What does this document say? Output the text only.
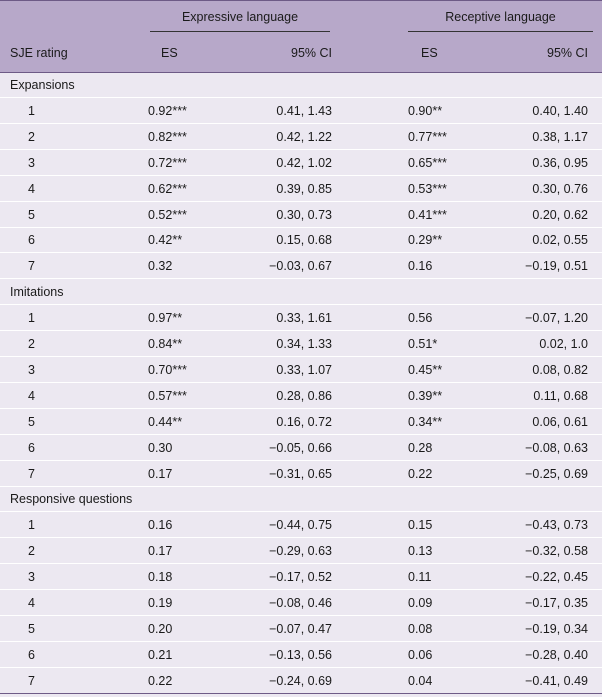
Expressive language	Receptive language
SJE rating	ES	95% CI	ES	95% CI
Expansions
1	0.92***	0.41, 1.43	0.90**	0.40, 1.40
2	0.82***	0.42, 1.22	0.77***	0.38, 1.17
3	0.72***	0.42, 1.02	0.65***	0.36, 0.95
4	0.62***	0.39, 0.85	0.53***	0.30, 0.76
5	0.52***	0.30, 0.73	0.41***	0.20, 0.62
6	0.42**	0.15, 0.68	0.29**	0.02, 0.55
7	0.32	−0.03, 0.67	0.16	−0.19, 0.51
Imitations
1	0.97**	0.33, 1.61	0.56	−0.07, 1.20
2	0.84**	0.34, 1.33	0.51*	0.02, 1.0
3	0.70***	0.33, 1.07	0.45**	0.08, 0.82
4	0.57***	0.28, 0.86	0.39**	0.11, 0.68
5	0.44**	0.16, 0.72	0.34**	0.06, 0.61
6	0.30	−0.05, 0.66	0.28	−0.08, 0.63
7	0.17	−0.31, 0.65	0.22	−0.25, 0.69
Responsive questions
1	0.16	−0.44, 0.75	0.15	−0.43, 0.73
2	0.17	−0.29, 0.63	0.13	−0.32, 0.58
3	0.18	−0.17, 0.52	0.11	−0.22, 0.45
4	0.19	−0.08, 0.46	0.09	−0.17, 0.35
5	0.20	−0.07, 0.47	0.08	−0.19, 0.34
6	0.21	−0.13, 0.56	0.06	−0.28, 0.40
7	0.22	−0.24, 0.69	0.04	−0.41, 0.49
